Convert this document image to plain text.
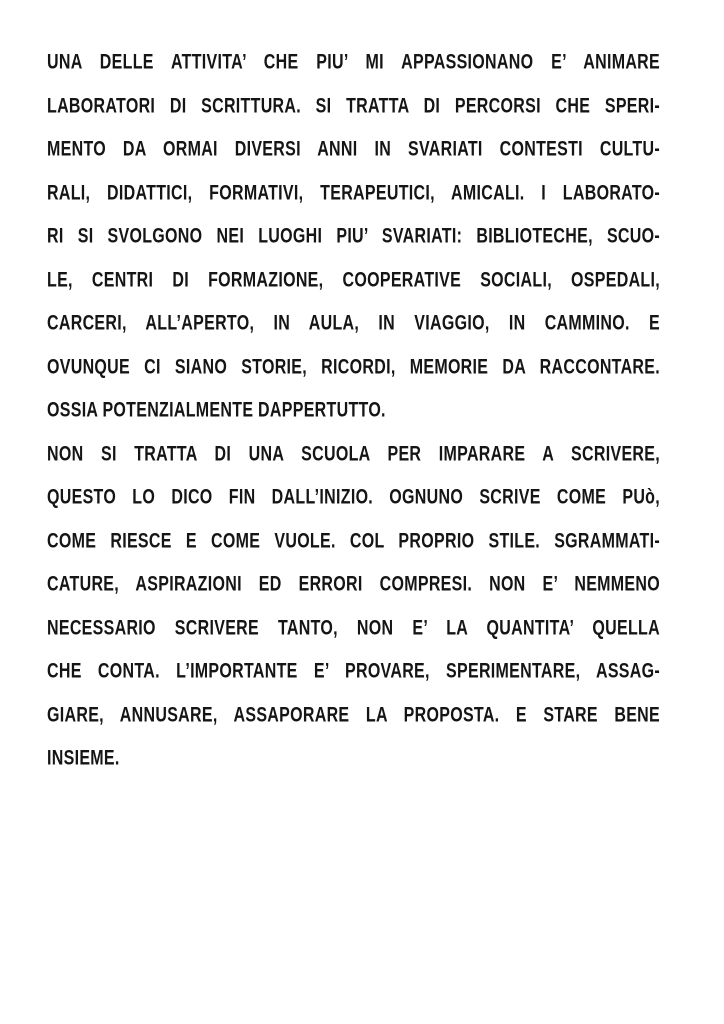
UNA DELLE ATTIVITA’ CHE PIU’ MI APPASSIONANO E’ ANIMARE
LABORATORI DI SCRITTURA. SI TRATTA DI PERCORSI CHE SPERI-
MENTO DA ORMAI DIVERSI ANNI IN SVARIATI CONTESTI CULTU-
RALI, DIDATTICI, FORMATIVI, TERAPEUTICI, AMICALI. I LABORATO-
RI SI SVOLGONO NEI LUOGHI PIU’ SVARIATI: BIBLIOTECHE, SCUO-
LE, CENTRI DI FORMAZIONE, COOPERATIVE SOCIALI, OSPEDALI,
CARCERI, ALL’APERTO, IN AULA, IN VIAGGIO, IN CAMMINO. E
OVUNQUE CI SIANO STORIE, RICORDI, MEMORIE DA RACCONTARE.
OSSIA POTENZIALMENTE DAPPERTUTTO.
NON SI TRATTA DI UNA SCUOLA PER IMPARARE A SCRIVERE,
QUESTO LO DICO FIN DALL’INIZIO. OGNUNO SCRIVE COME PUò,
COME RIESCE E COME VUOLE. COL PROPRIO STILE. SGRAMMATI-
CATURE, ASPIRAZIONI ED ERRORI COMPRESI. NON E’ NEMMENO
NECESSARIO SCRIVERE TANTO, NON E’ LA QUANTITA’ QUELLA
CHE CONTA. L’IMPORTANTE E’ PROVARE, SPERIMENTARE, ASSAG-
GIARE, ANNUSARE, ASSAPORARE LA PROPOSTA. E STARE BENE
INSIEME.
